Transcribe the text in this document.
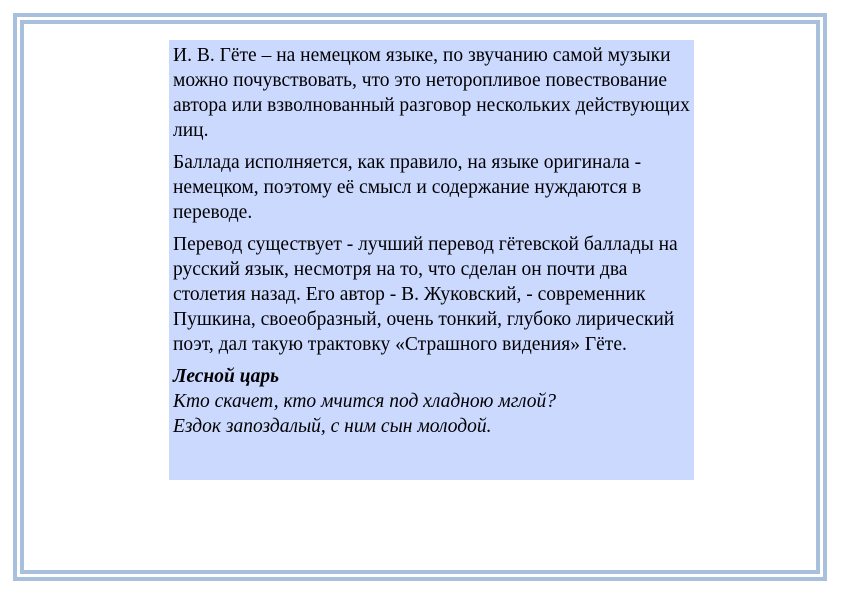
И. В. Гёте – на немецком языке, по звучанию самой музыки можно почувствовать, что это неторопливое повествование автора или взволнованный разговор нескольких действующих лиц.

Баллада исполняется, как правило, на языке оригинала - немецком, поэтому её смысл и содержание нуждаются в переводе.

Перевод существует - лучший перевод гётевской баллады на русский язык, несмотря на то, что сделан он почти два столетия назад. Его автор - В. Жуковский, - современник Пушкина, своеобразный, очень тонкий, глубоко лирический поэт, дал такую трактовку «Страшного видения» Гёте.

Лесной царь
Кто скачет, кто мчится под хладною мглой?
Ездок запоздалый, с ним сын молодой.
